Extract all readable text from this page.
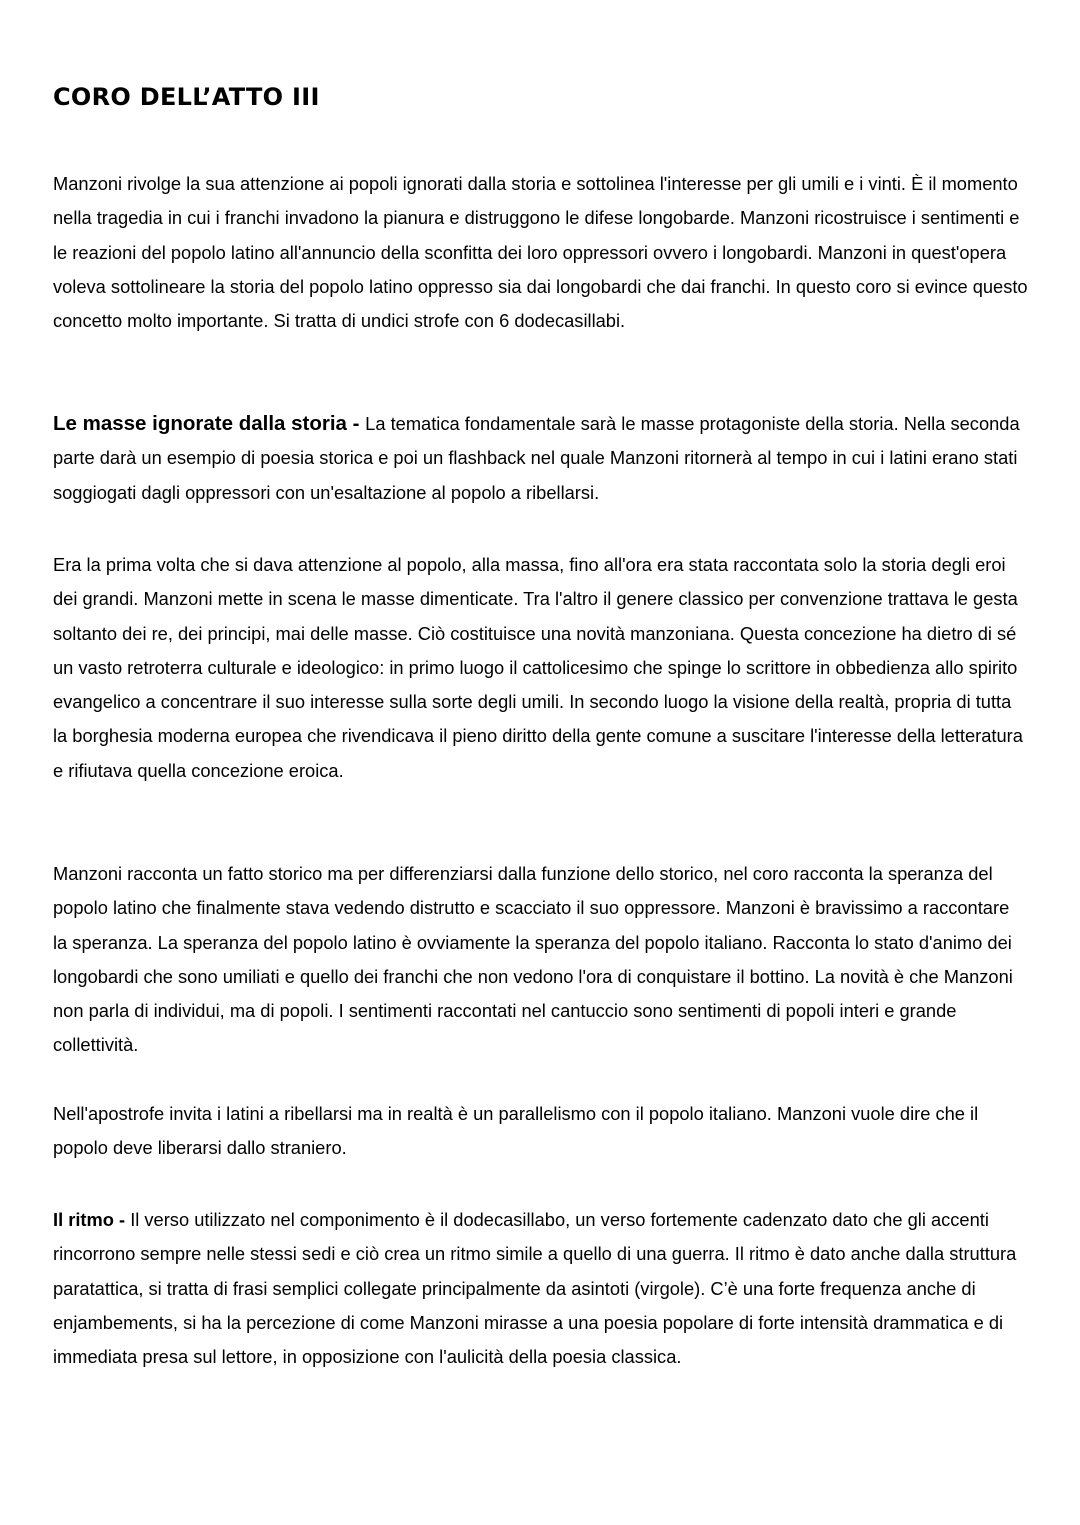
CORO DELL’ATTO III

Manzoni rivolge la sua attenzione ai popoli ignorati dalla storia e sottolinea l'interesse per gli umili e i vinti. È il momento nella tragedia in cui i franchi invadono la pianura e distruggono le difese longobarde. Manzoni ricostruisce i sentimenti e le reazioni del popolo latino all'annuncio della sconfitta dei loro oppressori ovvero i longobardi. Manzoni in quest'opera voleva sottolineare la storia del popolo latino oppresso sia dai longobardi che dai franchi. In questo coro si evince questo concetto molto importante. Si tratta di undici strofe con 6 dodecasillabi.

Le masse ignorate dalla storia - La tematica fondamentale sarà le masse protagoniste della storia. Nella seconda parte darà un esempio di poesia storica e poi un flashback nel quale Manzoni ritornerà al tempo in cui i latini erano stati soggiogati dagli oppressori con un'esaltazione al popolo a ribellarsi.

Era la prima volta che si dava attenzione al popolo, alla massa, fino all'ora era stata raccontata solo la storia degli eroi dei grandi. Manzoni mette in scena le masse dimenticate. Tra l'altro il genere classico per convenzione trattava le gesta soltanto dei re, dei principi, mai delle masse. Ciò costituisce una novità manzoniana. Questa concezione ha dietro di sé un vasto retroterra culturale e ideologico: in primo luogo il cattolicesimo che spinge lo scrittore in obbedienza allo spirito evangelico a concentrare il suo interesse sulla sorte degli umili. In secondo luogo la visione della realtà, propria di tutta la borghesia moderna europea che rivendicava il pieno diritto della gente comune a suscitare l'interesse della letteratura e rifiutava quella concezione eroica.

Manzoni racconta un fatto storico ma per differenziarsi dalla funzione dello storico, nel coro racconta la speranza del popolo latino che finalmente stava vedendo distrutto e scacciato il suo oppressore. Manzoni è bravissimo a raccontare la speranza. La speranza del popolo latino è ovviamente la speranza del popolo italiano. Racconta lo stato d'animo dei longobardi che sono umiliati e quello dei franchi che non vedono l'ora di conquistare il bottino. La novità è che Manzoni non parla di individui, ma di popoli. I sentimenti raccontati nel cantuccio sono sentimenti di popoli interi e grande collettività.

Nell'apostrofe invita i latini a ribellarsi ma in realtà è un parallelismo con il popolo italiano. Manzoni vuole dire che il popolo deve liberarsi dallo straniero.

Il ritmo - Il verso utilizzato nel componimento è il dodecasillabo, un verso fortemente cadenzato dato che gli accenti rincorrono sempre nelle stessi sedi e ciò crea un ritmo simile a quello di una guerra. Il ritmo è dato anche dalla struttura paratattica, si tratta di frasi semplici collegate principalmente da asintoti (virgole). C’è una forte frequenza anche di enjambements, si ha la percezione di come Manzoni mirasse a una poesia popolare di forte intensità drammatica e di immediata presa sul lettore, in opposizione con l'aulicità della poesia classica.
